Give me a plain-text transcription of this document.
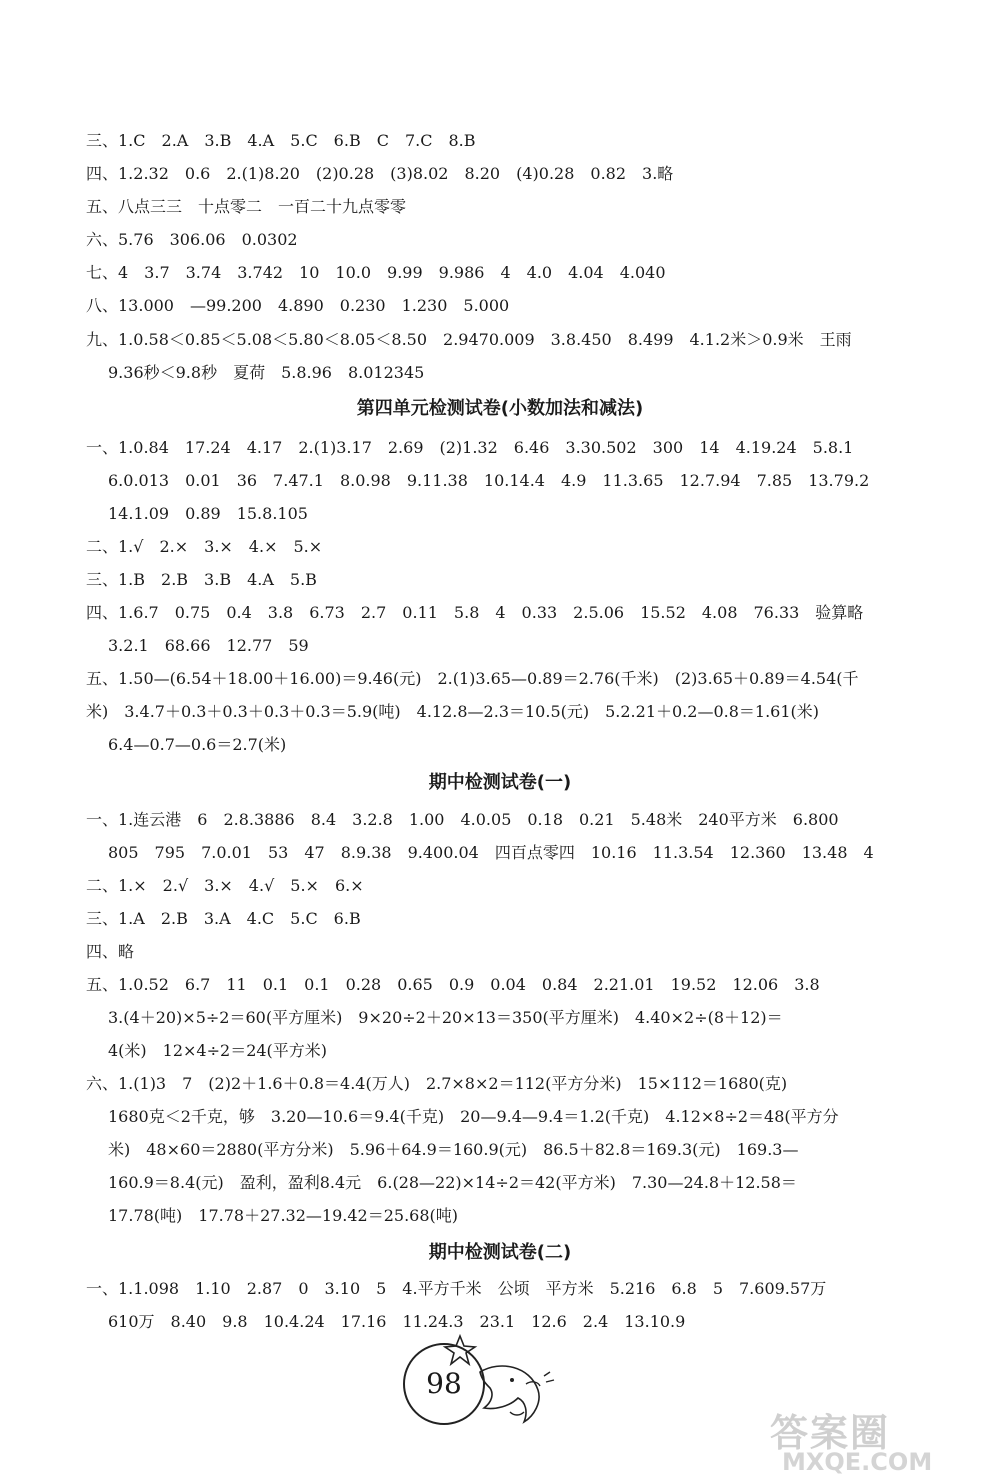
三、1.C　2.A　3.B　4.A　5.C　6.B　C　7.C　8.B
四、1.2.32　0.6　2.(1)8.20　(2)0.28　(3)8.02　8.20　(4)0.28　0.82　3.略
五、八点三三　十点零二　一百二十九点零零
六、5.76　306.06　0.0302
七、4　3.7　3.74　3.742　10　10.0　9.99　9.986　4　4.0　4.04　4.040
八、13.000　—99.200　4.890　0.230　1.230　5.000
九、1.0.58＜0.85＜5.08＜5.80＜8.05＜8.50　2.9470.009　3.8.450　8.499　4.1.2米＞0.9米　王雨
9.36秒＜9.8秒　夏荷　5.8.96　8.012345
第四单元检测试卷(小数加法和减法)
一、1.0.84　17.24　4.17　2.(1)3.17　2.69　(2)1.32　6.46　3.30.502　300　14　4.19.24　5.8.1
6.0.013　0.01　36　7.47.1　8.0.98　9.11.38　10.14.4　4.9　11.3.65　12.7.94　7.85　13.79.2
14.1.09　0.89　15.8.105
二、1.√　2.×　3.×　4.×　5.×
三、1.B　2.B　3.B　4.A　5.B
四、1.6.7　0.75　0.4　3.8　6.73　2.7　0.11　5.8　4　0.33　2.5.06　15.52　4.08　76.33　验算略
3.2.1　68.66　12.77　59
五、1.50—(6.54＋18.00＋16.00)＝9.46(元)　2.(1)3.65—0.89＝2.76(千米)　(2)3.65＋0.89＝4.54(千
米)　3.4.7＋0.3＋0.3＋0.3＋0.3＝5.9(吨)　4.12.8—2.3＝10.5(元)　5.2.21＋0.2—0.8＝1.61(米)
6.4—0.7—0.6＝2.7(米)
期中检测试卷(一)
一、1.连云港　6　2.8.3886　8.4　3.2.8　1.00　4.0.05　0.18　0.21　5.48米　240平方米　6.800
805　795　7.0.01　53　47　8.9.38　9.400.04　四百点零四　10.16　11.3.54　12.360　13.48　4
二、1.×　2.√　3.×　4.√　5.×　6.×
三、1.A　2.B　3.A　4.C　5.C　6.B
四、略
五、1.0.52　6.7　11　0.1　0.1　0.28　0.65　0.9　0.04　0.84　2.21.01　19.52　12.06　3.8
3.(4＋20)×5÷2＝60(平方厘米)　9×20÷2＋20×13＝350(平方厘米)　4.40×2÷(8＋12)＝
4(米)　12×4÷2＝24(平方米)
六、1.(1)3　7　(2)2＋1.6＋0.8＝4.4(万人)　2.7×8×2＝112(平方分米)　15×112＝1680(克)
1680克＜2千克，够　3.20—10.6＝9.4(千克)　20—9.4—9.4＝1.2(千克)　4.12×8÷2＝48(平方分
米)　48×60＝2880(平方分米)　5.96＋64.9＝160.9(元)　86.5＋82.8＝169.3(元)　169.3—
160.9＝8.4(元)　盈利，盈利8.4元　6.(28—22)×14÷2＝42(平方米)　7.30—24.8＋12.58＝
17.78(吨)　17.78＋27.32—19.42＝25.68(吨)
期中检测试卷(二)
一、1.1.098　1.10　2.87　0　3.10　5　4.平方千米　公顷　平方米　5.216　6.8　5　7.609.57万
610万　8.40　9.8　10.4.24　17.16　11.24.3　23.1　12.6　2.4　13.10.9
98
答案圈
MXQE.COM
